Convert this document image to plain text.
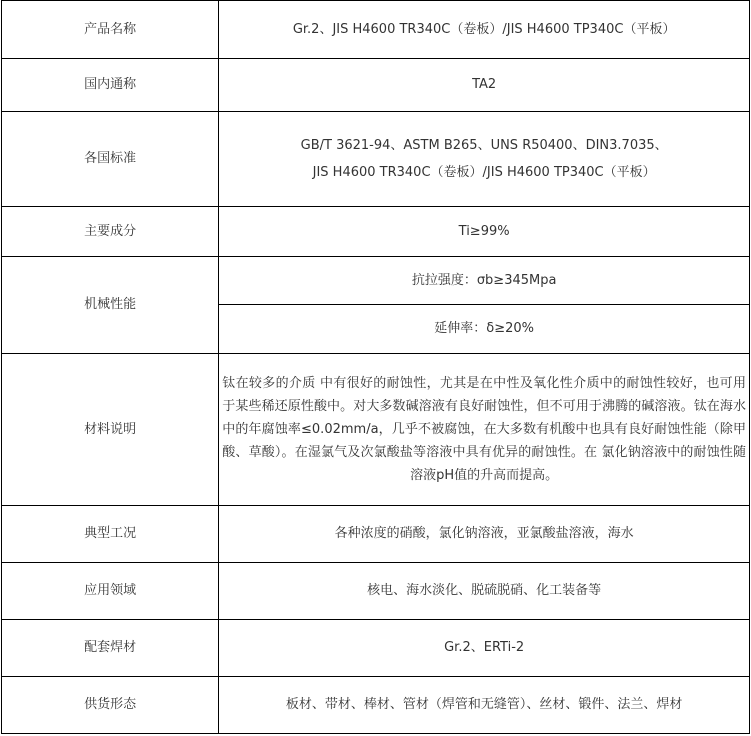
产品名称	Gr.2、JIS H4600 TR340C（卷板）/JIS H4600 TP340C（平板）
国内通称	TA2
各国标准	GB/T 3621-94、ASTM B265、UNS R50400、DIN3.7035、
JIS H4600 TR340C（卷板）/JIS H4600 TP340C（平板）

主要成分	Ti≥99%
机械性能	抗拉强度：σb≥345Mpa
	延伸率：δ≥20%
材料说明	钛在较多的介质 中有很好的耐蚀性，尤其是在中性及氧化性介质中的耐蚀性较好，也可用于某些稀还原性酸中。对大多数碱溶液有良好耐蚀性，但不可用于沸腾的碱溶液。钛在海水 中的年腐蚀率≤0.02mm/a，几乎不被腐蚀，在大多数有机酸中也具有良好耐蚀性能（除甲酸、草酸）。在湿氯气及次氯酸盐等溶液中具有优异的耐蚀性。在 氯化钠溶液中的耐蚀性随溶液pH值的升高而提高。
典型工况	各种浓度的硝酸，氯化钠溶液，亚氯酸盐溶液，海水
应用领域	核电、海水淡化、脱硫脱硝、化工装备等
配套焊材	Gr.2、ERTi-2
供货形态	板材、带材、棒材、管材（焊管和无缝管）、丝材、锻件、法兰、焊材
